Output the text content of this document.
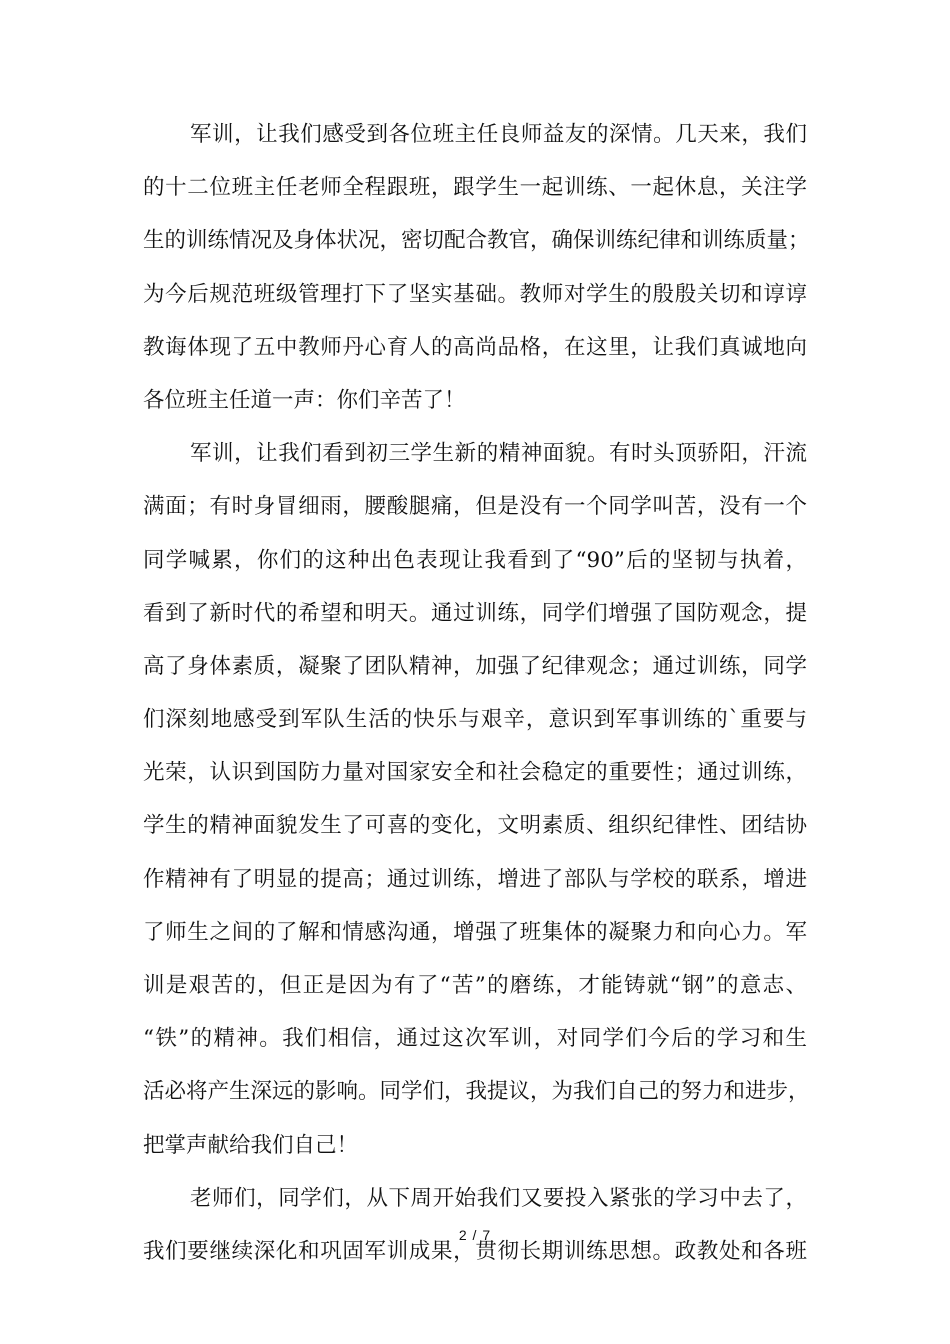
军训，让我们感受到各位班主任良师益友的深情。几天来，我们
的十二位班主任老师全程跟班，跟学生一起训练、一起休息，关注学
生的训练情况及身体状况，密切配合教官，确保训练纪律和训练质量；
为今后规范班级管理打下了坚实基础。教师对学生的殷殷关切和谆谆
教诲体现了五中教师丹心育人的高尚品格，在这里，让我们真诚地向
各位班主任道一声：你们辛苦了！
军训，让我们看到初三学生新的精神面貌。有时头顶骄阳，汗流
满面；有时身冒细雨，腰酸腿痛，但是没有一个同学叫苦，没有一个
同学喊累，你们的这种出色表现让我看到了“90”后的坚韧与执着，
看到了新时代的希望和明天。通过训练，同学们增强了国防观念，提
高了身体素质，凝聚了团队精神，加强了纪律观念；通过训练，同学
们深刻地感受到军队生活的快乐与艰辛，意识到军事训练的`重要与
光荣，认识到国防力量对国家安全和社会稳定的重要性；通过训练，
学生的精神面貌发生了可喜的变化，文明素质、组织纪律性、团结协
作精神有了明显的提高；通过训练，增进了部队与学校的联系，增进
了师生之间的了解和情感沟通，增强了班集体的凝聚力和向心力。军
训是艰苦的，但正是因为有了“苦”的磨练，才能铸就“钢”的意志、
“铁”的精神。我们相信，通过这次军训，对同学们今后的学习和生
活必将产生深远的影响。同学们，我提议，为我们自己的努力和进步，
把掌声献给我们自己！
老师们，同学们，从下周开始我们又要投入紧张的学习中去了，
我们要继续深化和巩固军训成果，贯彻长期训练思想。政教处和各班
2 / 7
